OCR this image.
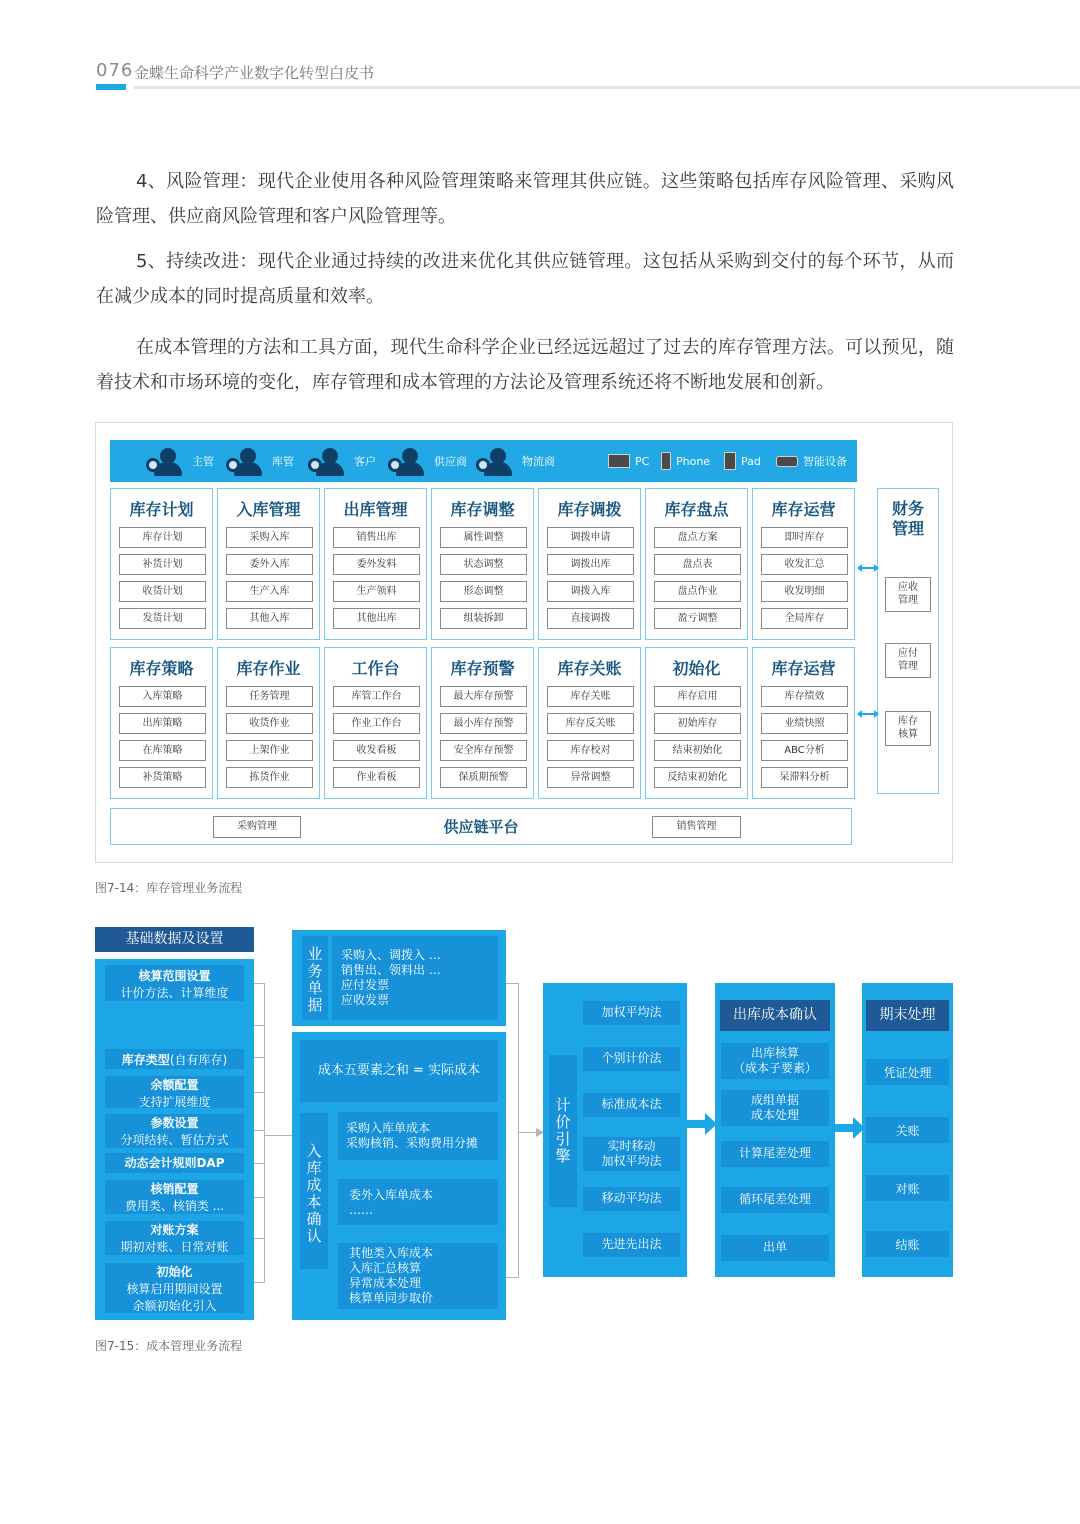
076 金蝶生命科学产业数字化转型白皮书

4、风险管理：现代企业使用各种风险管理策略来管理其供应链。这些策略包括库存风险管理、采购风险管理、供应商风险管理和客户风险管理等。

5、持续改进：现代企业通过持续的改进来优化其供应链管理。这包括从采购到交付的每个环节，从而在减少成本的同时提高质量和效率。

在成本管理的方法和工具方面，现代生命科学企业已经远远超过了过去的库存管理方法。可以预见，随着技术和市场环境的变化，库存管理和成本管理的方法论及管理系统还将不断地发展和创新。

主管	库管	客户	供应商	物流商	PC Phone	Pad	智能设备
库存计划
库存计划
补货计划
收货计划
发货计划
入库管理
采购入库
委外入库
生产入库
其他入库
出库管理
销售出库
委外发料
生产领料
其他出库
库存调整
属性调整
状态调整
形态调整
组装拆卸
库存调拨
调拨申请
调拨出库
调拨入库
直接调拨
库存盘点
盘点方案
盘点表
盘点作业
盈亏调整
库存运营
即时库存
收发汇总
收发明细
全局库存
库存策略
入库策略
出库策略
在库策略
补货策略
库存作业
任务管理
收货作业
上架作业
拣货作业
工作台
库管工作台
作业工作台
收发看板
作业看板
库存预警
最大库存预警
最小库存预警
安全库存预警
保质期预警
库存关账
库存关账
库存反关账
库存校对
异常调整
初始化
库存启用
初始库存
结束初始化
反结束初始化
库存运营
库存绩效
业绩快照
ABC分析
呆滞料分析
财务
管理
应收
管理
应付
管理
库存
核算
供应链平台
采购管理	销售管理
图7-14：库存管理业务流程
基础数据及设置
核算范围设置
计价方法、计算维度
库存类型(自有库存)
余额配置
支持扩展维度
参数设置
分项结转、暂估方式
动态会计规则DAP
核销配置
费用类、核销类 ...
对账方案
期初对账、日常对账
初始化
核算启用期间设置
余额初始化引入
业
务
单
据
采购入、调拨入 …
销售出、领料出 …
应付发票
应收发票
成本五要素之和 = 实际成本
入
库
成
本
确
认
采购入库单成本
采购核销、采购费用分摊
委外入库单成本
……
其他类入库成本
入库汇总核算
异常成本处理
核算单同步取价
计
价
引
擎
加权平均法
个别计价法
标准成本法
实时移动
加权平均法
移动平均法
先进先出法
出库成本确认
出库核算
（成本子要素）
成组单据
成本处理
计算尾差处理
循环尾差处理
出单
期末处理
凭证处理
关账
对账
结账
图7-15：成本管理业务流程
